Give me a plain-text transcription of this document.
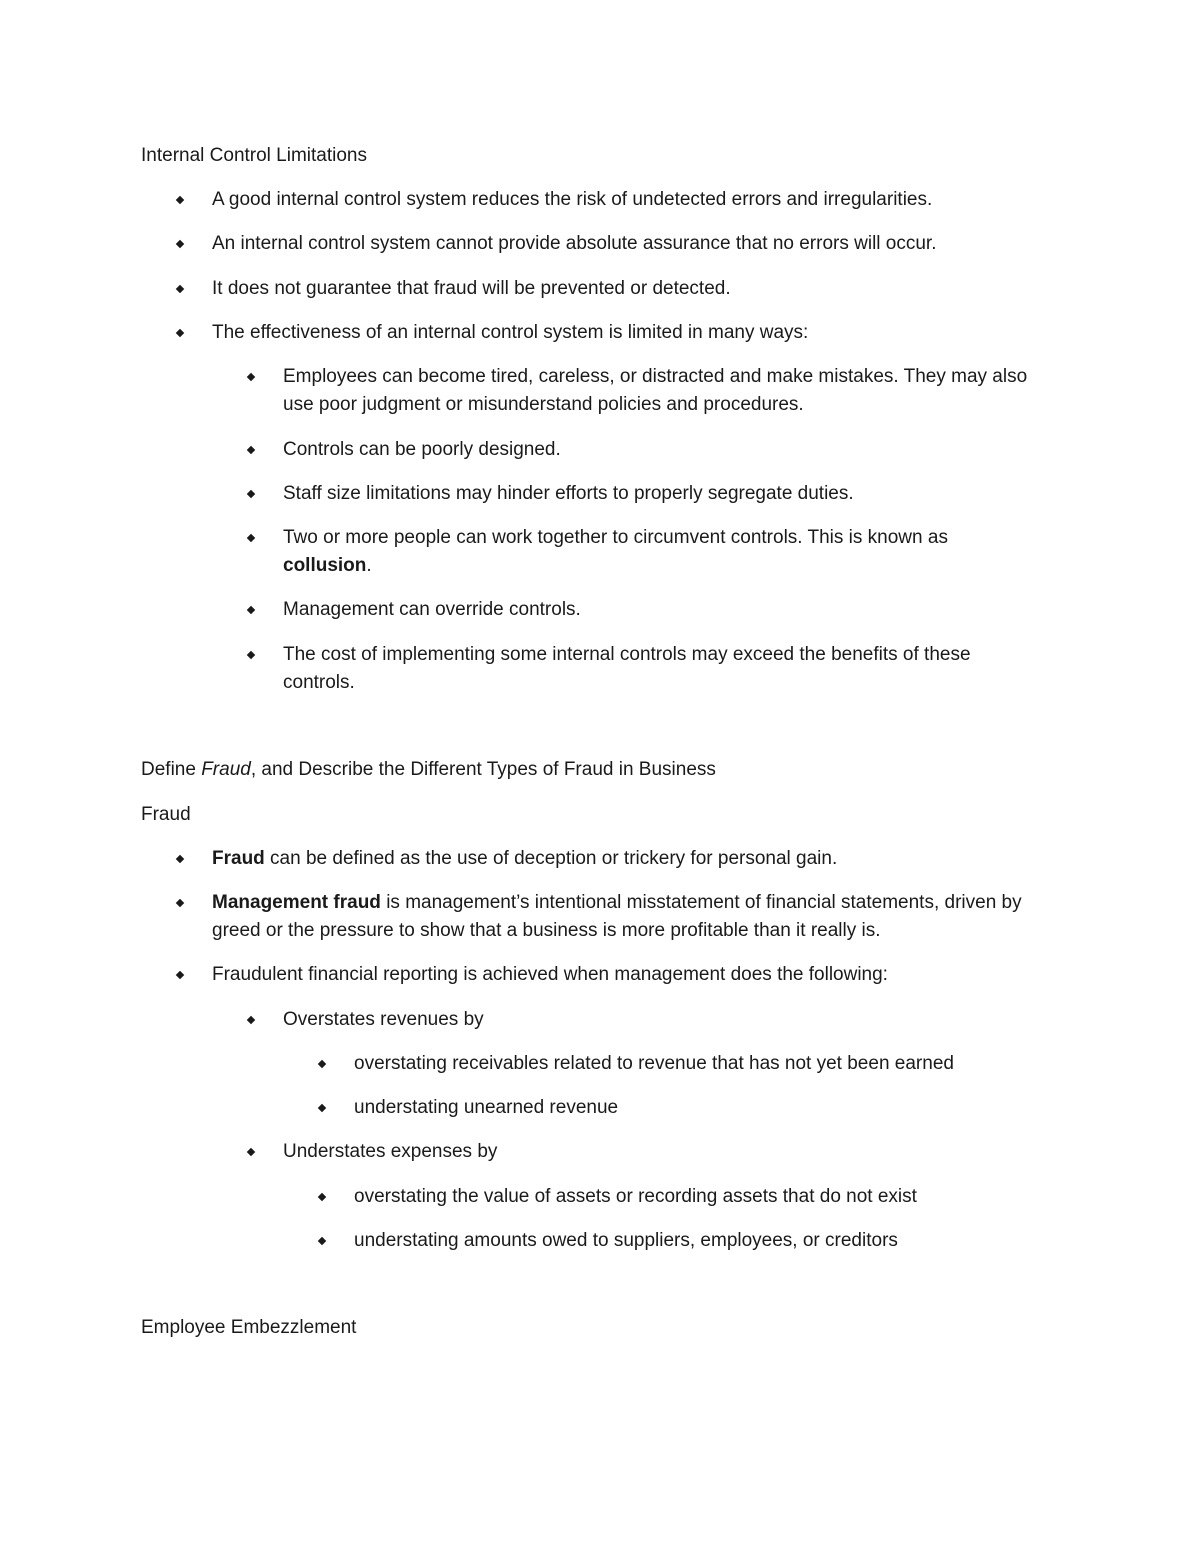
Internal Control Limitations
A good internal control system reduces the risk of undetected errors and irregularities.
An internal control system cannot provide absolute assurance that no errors will occur.
It does not guarantee that fraud will be prevented or detected.
The effectiveness of an internal control system is limited in many ways:
Employees can become tired, careless, or distracted and make mistakes. They may also
use poor judgment or misunderstand policies and procedures.
Controls can be poorly designed.
Staff size limitations may hinder efforts to properly segregate duties.
Two or more people can work together to circumvent controls. This is known as
collusion.
Management can override controls.
The cost of implementing some internal controls may exceed the benefits of these
controls.
Define Fraud, and Describe the Different Types of Fraud in Business
Fraud
Fraud can be defined as the use of deception or trickery for personal gain.
Management fraud is management’s intentional misstatement of financial statements, driven by
greed or the pressure to show that a business is more profitable than it really is.
Fraudulent financial reporting is achieved when management does the following:
Overstates revenues by
overstating receivables related to revenue that has not yet been earned
understating unearned revenue
Understates expenses by
overstating the value of assets or recording assets that do not exist
understating amounts owed to suppliers, employees, or creditors
Employee Embezzlement
